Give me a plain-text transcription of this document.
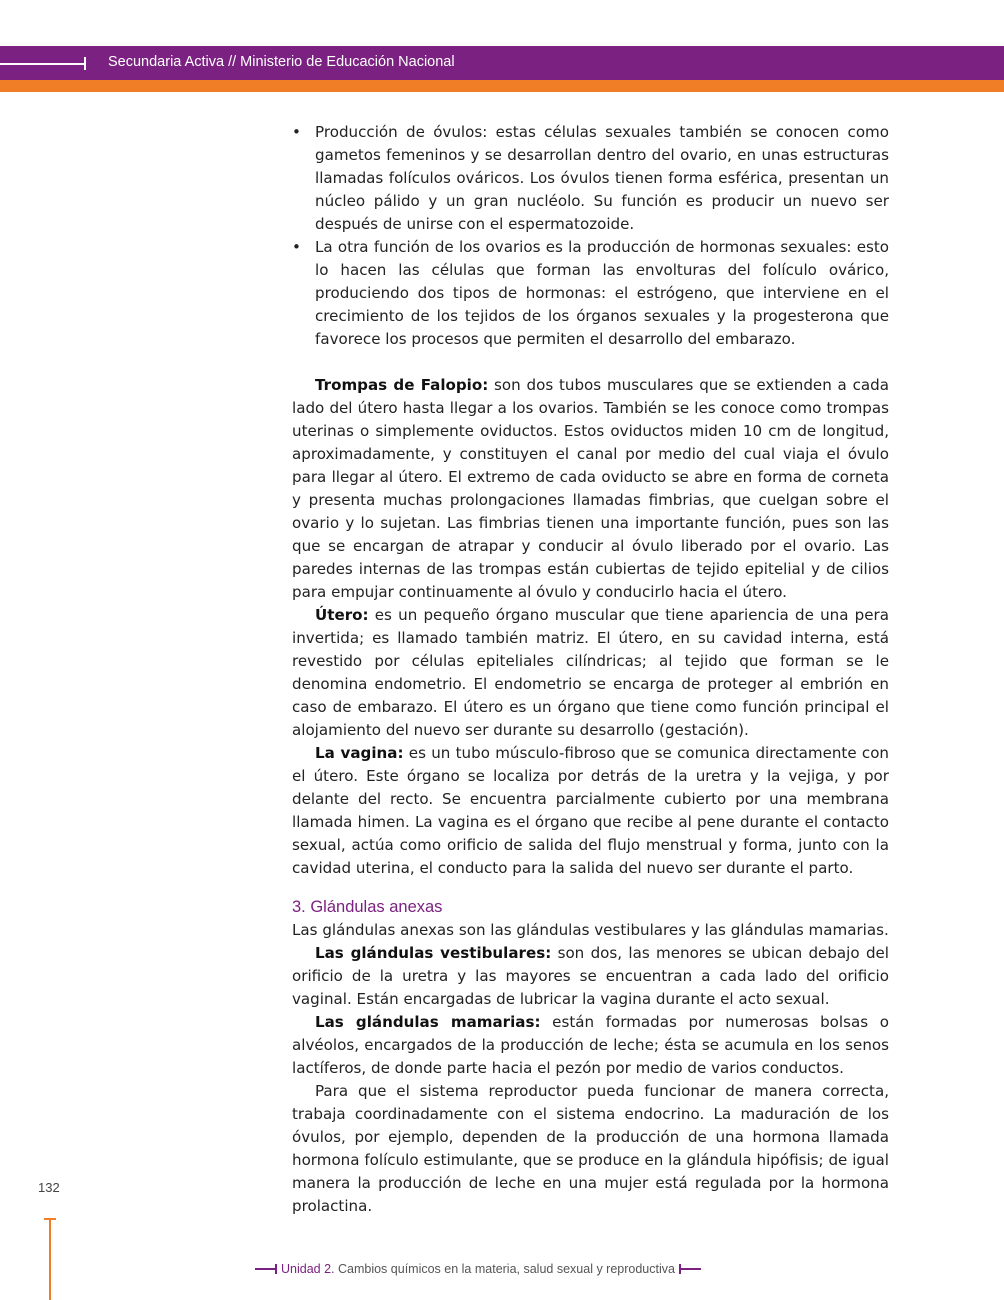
Secundaria Activa // Ministerio de Educación Nacional
• Producción de óvulos: estas células sexuales también se conocen como gametos femeninos y se desarrollan dentro del ovario, en unas estructuras llamadas folículos ováricos. Los óvulos tienen forma esférica, presentan un núcleo pálido y un gran nucléolo. Su función es producir un nuevo ser después de unirse con el espermatozoide.
• La otra función de los ovarios es la producción de hormonas sexuales: esto lo hacen las células que forman las envolturas del folículo ovárico, produciendo dos tipos de hormonas: el estrógeno, que interviene en el crecimiento de los tejidos de los órganos sexuales y la progesterona que favorece los procesos que permiten el desarrollo del embarazo.

Trompas de Falopio: son dos tubos musculares que se extienden a cada lado del útero hasta llegar a los ovarios. También se les conoce como trompas uterinas o simplemente oviductos. Estos oviductos miden 10 cm de longitud, aproximadamente, y constituyen el canal por medio del cual viaja el óvulo para llegar al útero. El extremo de cada oviducto se abre en forma de corneta y presenta muchas prolongaciones llamadas fimbrias, que cuelgan sobre el ovario y lo sujetan. Las fimbrias tienen una importante función, pues son las que se encargan de atrapar y conducir al óvulo liberado por el ovario. Las paredes internas de las trompas están cubiertas de tejido epitelial y de cilios para empujar continuamente al óvulo y conducirlo hacia el útero.

Útero: es un pequeño órgano muscular que tiene apariencia de una pera invertida; es llamado también matriz. El útero, en su cavidad interna, está revestido por células epiteliales cilíndricas; al tejido que forman se le denomina endometrio. El endometrio se encarga de proteger al embrión en caso de embarazo. El útero es un órgano que tiene como función principal el alojamiento del nuevo ser durante su desarrollo (gestación).

La vagina: es un tubo músculo-fibroso que se comunica directamente con el útero. Este órgano se localiza por detrás de la uretra y la vejiga, y por delante del recto. Se encuentra parcialmente cubierto por una membrana llamada himen. La vagina es el órgano que recibe al pene durante el contacto sexual, actúa como orificio de salida del flujo menstrual y forma, junto con la cavidad uterina, el conducto para la salida del nuevo ser durante el parto.

3. Glándulas anexas

Las glándulas anexas son las glándulas vestibulares y las glándulas mamarias.

Las glándulas vestibulares: son dos, las menores se ubican debajo del orificio de la uretra y las mayores se encuentran a cada lado del orificio vaginal. Están encargadas de lubricar la vagina durante el acto sexual.

Las glándulas mamarias: están formadas por numerosas bolsas o alvéolos, encargados de la producción de leche; ésta se acumula en los senos lactíferos, de donde parte hacia el pezón por medio de varios conductos.

Para que el sistema reproductor pueda funcionar de manera correcta, trabaja coordinadamente con el sistema endocrino. La maduración de los óvulos, por ejemplo, dependen de la producción de una hormona llamada hormona folículo estimulante, que se produce en la glándula hipófisis; de igual manera la producción de leche en una mujer está regulada por la hormona prolactina.

132
Unidad 2. Cambios químicos en la materia, salud sexual y reproductiva
